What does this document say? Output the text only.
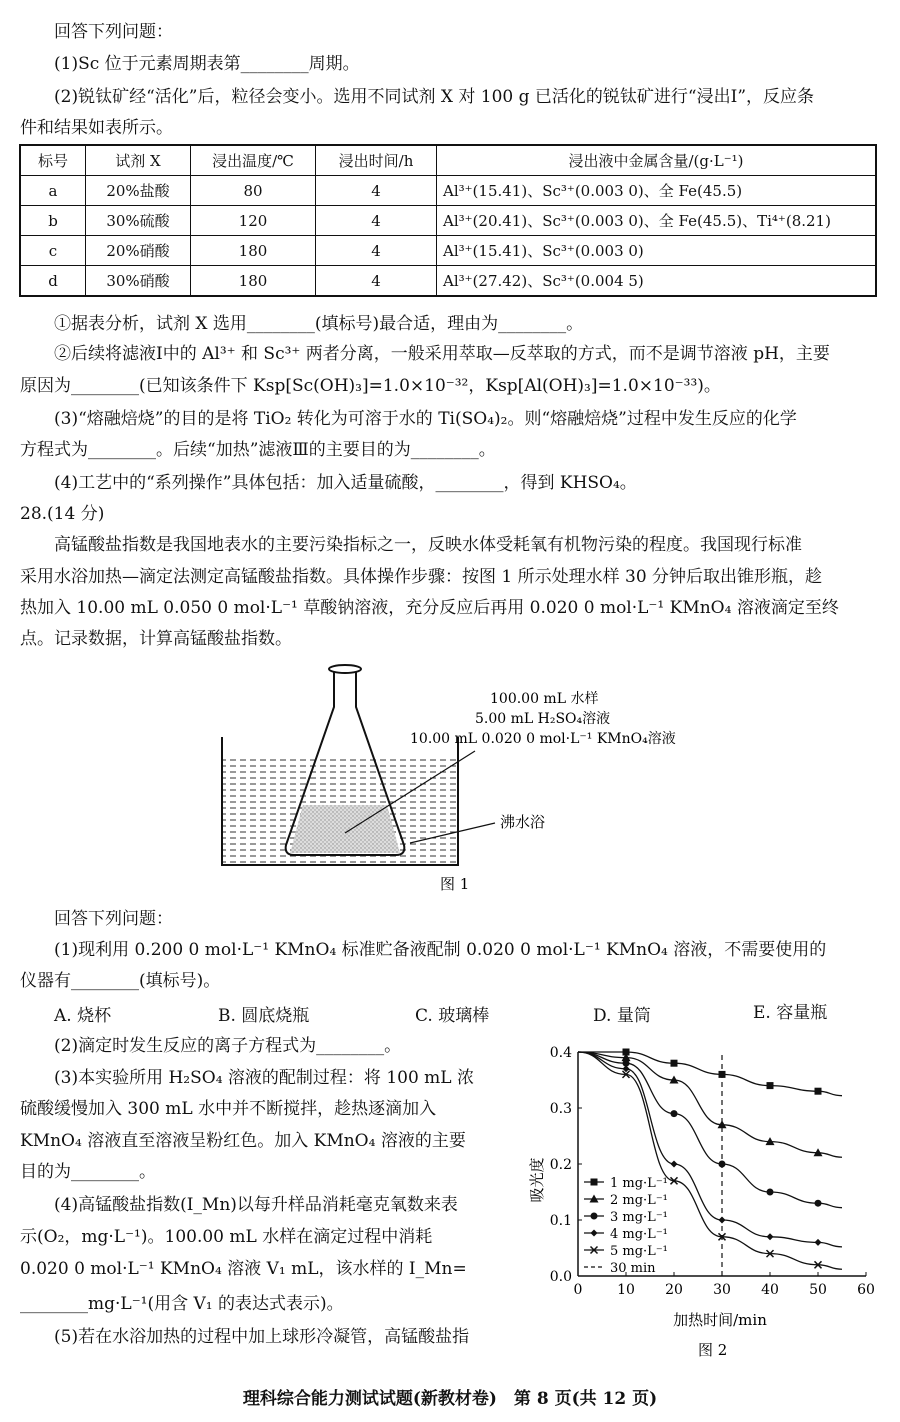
回答下列问题：
(1)Sc 位于元素周期表第________周期。
(2)锐钛矿经“活化”后，粒径会变小。选用不同试剂 X 对 100 g 已活化的锐钛矿进行“浸出Ⅰ”，反应条
件和结果如表所示。
标号	试剂 X	浸出温度/℃	浸出时间/h	浸出液中金属含量/(g·L⁻¹)
a	20%盐酸	80	4	Al³⁺(15.41)、Sc³⁺(0.003 0)、全 Fe(45.5)
b	30%硫酸	120	4	Al³⁺(20.41)、Sc³⁺(0.003 0)、全 Fe(45.5)、Ti⁴⁺(8.21)
c	20%硝酸	180	4	Al³⁺(15.41)、Sc³⁺(0.003 0)
d	30%硝酸	180	4	Al³⁺(27.42)、Sc³⁺(0.004 5)
①据表分析，试剂 X 选用________(填标号)最合适，理由为________。
②后续将滤液Ⅰ中的 Al³⁺ 和 Sc³⁺ 两者分离，一般采用萃取—反萃取的方式，而不是调节溶液 pH，主要
原因为________(已知该条件下 Ksp[Sc(OH)₃]=1.0×10⁻³²，Ksp[Al(OH)₃]=1.0×10⁻³³)。
(3)“熔融焙烧”的目的是将 TiO₂ 转化为可溶于水的 Ti(SO₄)₂。则“熔融焙烧”过程中发生反应的化学
方程式为________。后续“加热”滤液Ⅲ的主要目的为________。
(4)工艺中的“系列操作”具体包括：加入适量硫酸，________，得到 KHSO₄。
28.(14 分)
高锰酸盐指数是我国地表水的主要污染指标之一，反映水体受耗氧有机物污染的程度。我国现行标准
采用水浴加热—滴定法测定高锰酸盐指数。具体操作步骤：按图 1 所示处理水样 30 分钟后取出锥形瓶，趁
热加入 10.00 mL 0.050 0 mol·L⁻¹ 草酸钠溶液，充分反应后再用 0.020 0 mol·L⁻¹ KMnO₄ 溶液滴定至终
点。记录数据，计算高锰酸盐指数。
100.00 mL 水样
5.00 mL H₂SO₄溶液
10.00 mL 0.020 0 mol·L⁻¹ KMnO₄溶液
沸水浴
图 1
回答下列问题：
(1)现利用 0.200 0 mol·L⁻¹ KMnO₄ 标准贮备液配制 0.020 0 mol·L⁻¹ KMnO₄ 溶液，不需要使用的
仪器有________(填标号)。
A. 烧杯	B. 圆底烧瓶	C. 玻璃棒	D. 量筒	E. 容量瓶
(2)滴定时发生反应的离子方程式为________。
(3)本实验所用 H₂SO₄ 溶液的配制过程：将 100 mL 浓
硫酸缓慢加入 300 mL 水中并不断搅拌，趁热逐滴加入
KMnO₄ 溶液直至溶液呈粉红色。加入 KMnO₄ 溶液的主要
目的为________。
(4)高锰酸盐指数(I_Mn)以每升样品消耗毫克氧数来表
示(O₂，mg·L⁻¹)。100.00 mL 水样在滴定过程中消耗
0.020 0 mol·L⁻¹ KMnO₄ 溶液 V₁ mL，该水样的 I_Mn=
________mg·L⁻¹(用含 V₁ 的表达式表示)。
(5)若在水浴加热的过程中加上球形冷凝管，高锰酸盐指
0 10 20 30 40 50 60
0.0
0.1
0.2
0.3
0.4
1 mg·L⁻¹
2 mg·L⁻¹
3 mg·L⁻¹
4 mg·L⁻¹
5 mg·L⁻¹
30 min
加热时间/min
吸光度
图 2
理科综合能力测试试题(新教材卷)　第 8 页(共 12 页)
